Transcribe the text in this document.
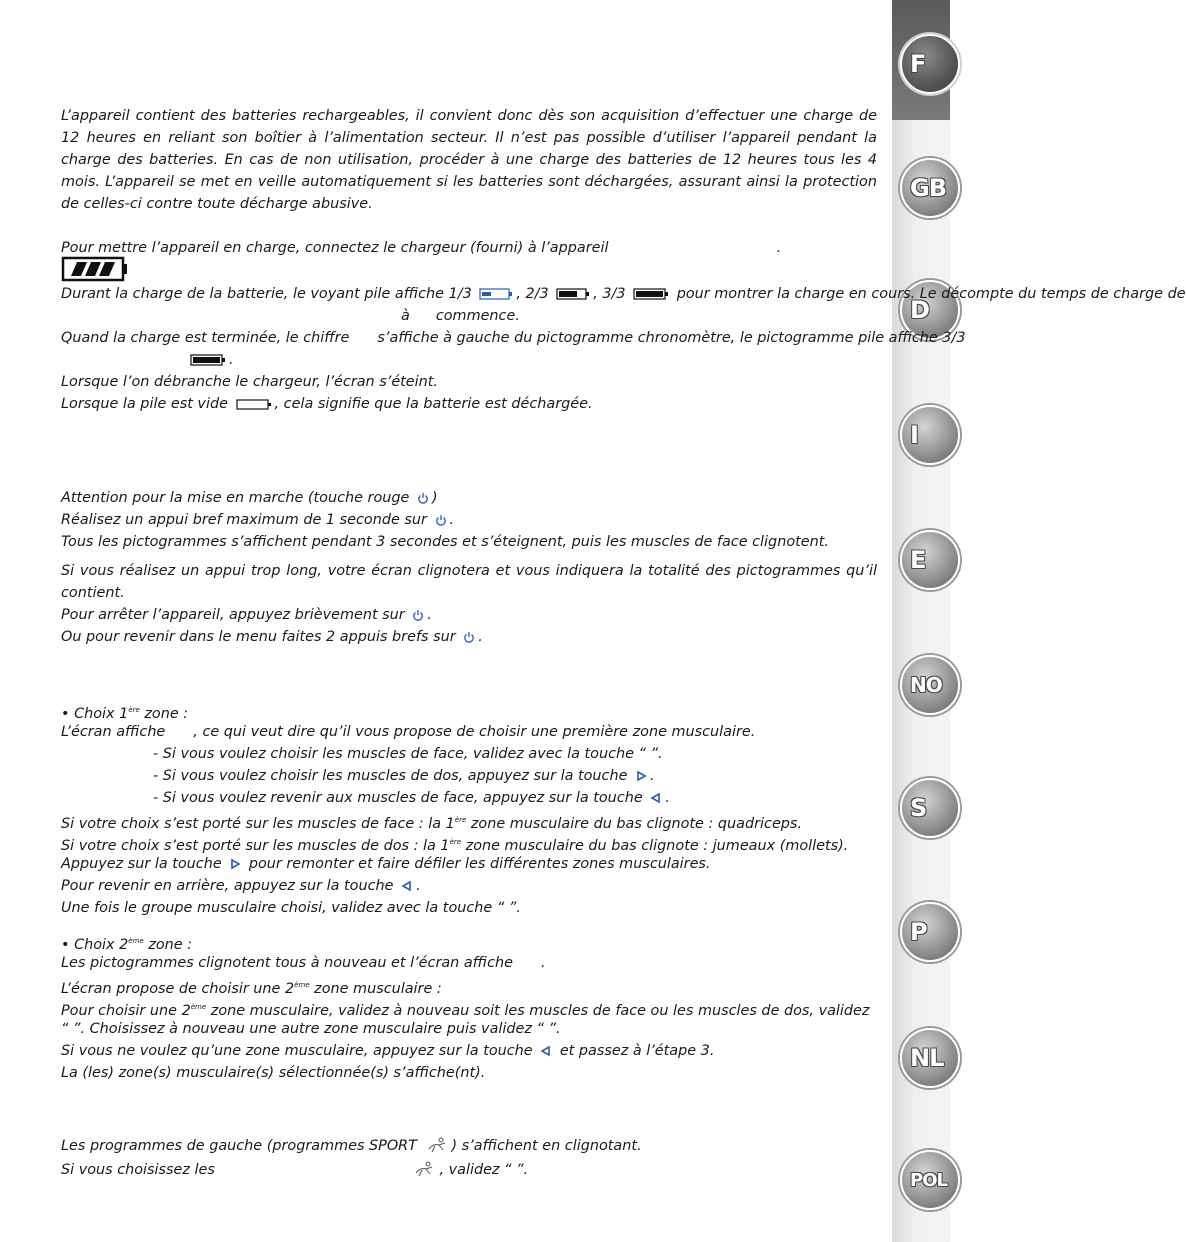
F
GB
D
I
E
NO
S
P
NL
POL
L’appareil contient des batteries rechargeables, il convient donc dès son acquisition d’effectuer une charge de 12 heures en reliant son boîtier à l’alimentation secteur. Il n’est pas possible d’utiliser l’appareil pendant la charge des batteries. En cas de non utilisation, procéder à une charge des batteries de 12 heures tous les 4 mois. L’appareil se met en veille automatiquement si les batteries sont déchargées, assurant ainsi la protection de celles-ci contre toute décharge abusive.
Pour mettre l’appareil en charge, connectez le chargeur (fourni) à l’appareil	.
Durant la charge de la batterie, le voyant pile affiche 1/3	, 2/3	, 3/3	pour montrer la charge en cours. Le décompte du temps de charge de
à commence.
Quand la charge est terminée, le chiffre s’affiche à gauche du pictogramme chronomètre, le pictogramme pile affiche 3/3
.
Lorsque l’on débranche le chargeur, l’écran s’éteint.
Lorsque la pile est vide	, cela signifie que la batterie est déchargée.
Attention pour la mise en marche (touche rouge )
Réalisez un appui bref maximum de 1 seconde sur .
Tous les pictogrammes s’affichent pendant 3 secondes et s’éteignent, puis les muscles de face clignotent.
Si vous réalisez un appui trop long, votre écran clignotera et vous indiquera la totalité des pictogrammes qu’il contient.
Pour arrêter l’appareil, appuyez brièvement sur .
Ou pour revenir dans le menu faites 2 appuis brefs sur .
• Choix 1ère zone :
L’écran affiche , ce qui veut dire qu’il vous propose de choisir une première zone musculaire.
- Si vous voulez choisir les muscles de face, validez avec la touche “ ”.
- Si vous voulez choisir les muscles de dos, appuyez sur la touche .
- Si vous voulez revenir aux muscles de face, appuyez sur la touche .
Si votre choix s’est porté sur les muscles de face : la 1ère zone musculaire du bas clignote : quadriceps.
Si votre choix s’est porté sur les muscles de dos : la 1ère zone musculaire du bas clignote : jumeaux (mollets).
Appuyez sur la touche pour remonter et faire défiler les différentes zones musculaires.
Pour revenir en arrière, appuyez sur la touche .
Une fois le groupe musculaire choisi, validez avec la touche “ ”.
• Choix 2ème zone :
Les pictogrammes clignotent tous à nouveau et l’écran affiche .
L’écran propose de choisir une 2ème zone musculaire :
Pour choisir une 2ème zone musculaire, validez à nouveau soit les muscles de face ou les muscles de dos, validez
“ ”. Choisissez à nouveau une autre zone musculaire puis validez “ ”.
Si vous ne voulez qu’une zone musculaire, appuyez sur la touche et passez à l’étape 3.
La (les) zone(s) musculaire(s) sélectionnée(s) s’affiche(nt).
Les programmes de gauche (programmes SPORT ) s’affichent en clignotant.
Si vous choisissez les	, validez “ ”.
